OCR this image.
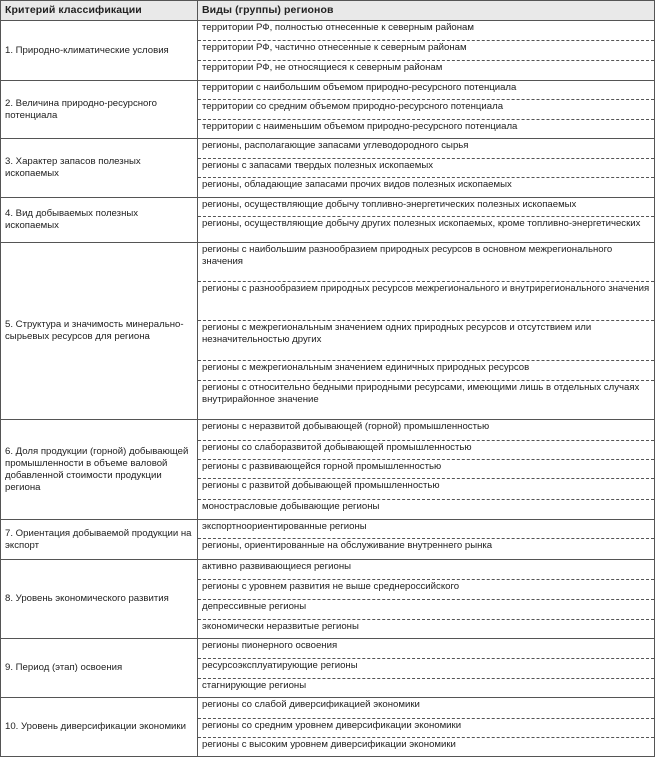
Критерий классификации	Виды (группы) регионов
1. Природно-климатические условия	территории РФ, полностью отнесенные к северным районам
	территории РФ, частично отнесенные к северным районам
	территории РФ, не относящиеся к северным районам
2. Величина природно-ресурсного потенциала	территории с наибольшим объемом природно-ресурсного потенциала
	территории со средним объемом природно-ресурсного потенциала
	территории с наименьшим объемом природно-ресурсного потенциала
3. Характер запасов полезных ископаемых	регионы, располагающие запасами углеводородного сырья
	регионы с запасами твердых полезных ископаемых
	регионы, обладающие запасами прочих видов полезных ископаемых
4. Вид добываемых полезных ископаемых	регионы, осуществляющие добычу топливно-энергетических полезных ископаемых
	регионы, осуществляющие добычу других полезных ископаемых, кроме топливно-энергетических
5. Структура и значимость минерально-сырьевых ресурсов для региона	регионы с наибольшим разнообразием природных ресурсов в основном межрегионального значения
	регионы с разнообразием природных ресурсов межрегионального и внутрирегионального значения
	регионы с межрегиональным значением одних природных ресурсов и отсутствием или незначительностью других
	регионы с межрегиональным значением единичных природных ресурсов
	регионы с относительно бедными природными ресурсами, имеющими лишь в отдельных случаях внутрирайонное значение
6. Доля продукции (горной) добывающей промышленности в объеме валовой добавленной стоимости продукции региона	регионы с неразвитой добывающей (горной) промышленностью
	регионы со слаборазвитой добывающей промышленностью
	регионы с развивающейся горной промышленностью
	регионы с развитой добывающей промышленностью
	монострасловые добывающие регионы
7. Ориентация добываемой продукции на экспорт	экспортноориентированные регионы
	регионы, ориентированные на обслуживание внутреннего рынка
8. Уровень экономического развития	активно развивающиеся регионы
	регионы с уровнем развития не выше среднероссийского
	депрессивные регионы
	экономически неразвитые регионы
9. Период (этап) освоения	регионы пионерного освоения
	ресурсоэксплуатирующие регионы
	стагнирующие регионы
10. Уровень диверсификации экономики	регионы со слабой диверсификацией экономики
	регионы со средним уровнем диверсификации экономики
	регионы с высоким уровнем диверсификации экономики
